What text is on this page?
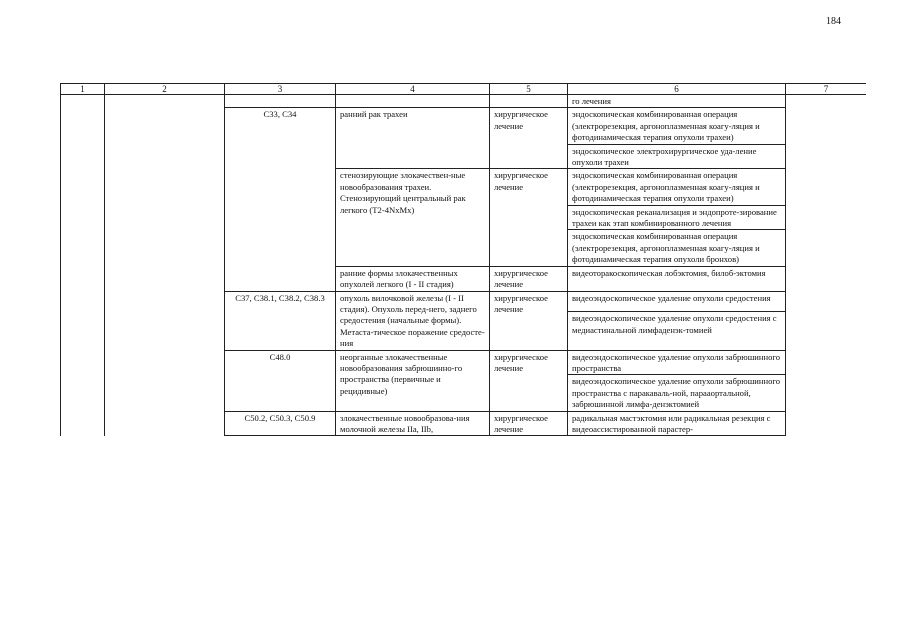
184
1	2	3	4	5	6	7
					го лечения	
		C33, C34	ранний рак трахеи	хирургическое лечение	эндоскопическая комбинированная операция (электрорезекция, аргоноплазменная коагу-ляция и фотодинамическая терапия опухоли трахеи)	
					эндоскопическое электрохирургическое уда-ление опухоли трахеи	
			стенозирующие злокачествен-ные новообразования трахеи. Стенозирующий центральный рак легкого (T2-4NxMx)	хирургическое лечение	эндоскопическая комбинированная операция (электрорезекция, аргоноплазменная коагу-ляция и фотодинамическая терапия опухоли трахеи)	
					эндоскопическая реканализация и эндопроте-зирование трахеи как этап комбинированного лечения	
					эндоскопическая комбинированная операция (электрорезекция, аргоноплазменная коагу-ляция и фотодинамическая терапия опухоли бронхов)	
			ранние формы злокачественных опухолей легкого (I - II стадия)	хирургическое лечение	видеоторакоскопическая лобэктомия, билоб-эктомия	
		C37, C38.1, C38.2, C38.3	опухоль вилочковой железы (I - II стадия). Опухоль перед-него, заднего средостения (начальные формы). Метаста-тическое поражение средосте-ния	хирургическое лечение	видеоэндоскопическое удаление опухоли средостения	
					видеоэндоскопическое удаление опухоли средостения с медиастинальной лимфаденэк-томией	
		C48.0	неорганные злокачественные новообразования забрюшинно-го пространства (первичные и рецидивные)	хирургическое лечение	видеоэндоскопическое удаление опухоли забрюшинного пространства	
					видеоэндоскопическое удаление опухоли забрюшинного пространства с паракаваль-ной, парааортальной, забрюшинной лимфа-денэктомией	
		C50.2, C50.3, C50.9	злокачественные новообразова-ния молочной железы IIa, IIb,	хирургическое лечение	радикальная мастэктомия или радикальная резекция с видеоассистированной парастер-	
